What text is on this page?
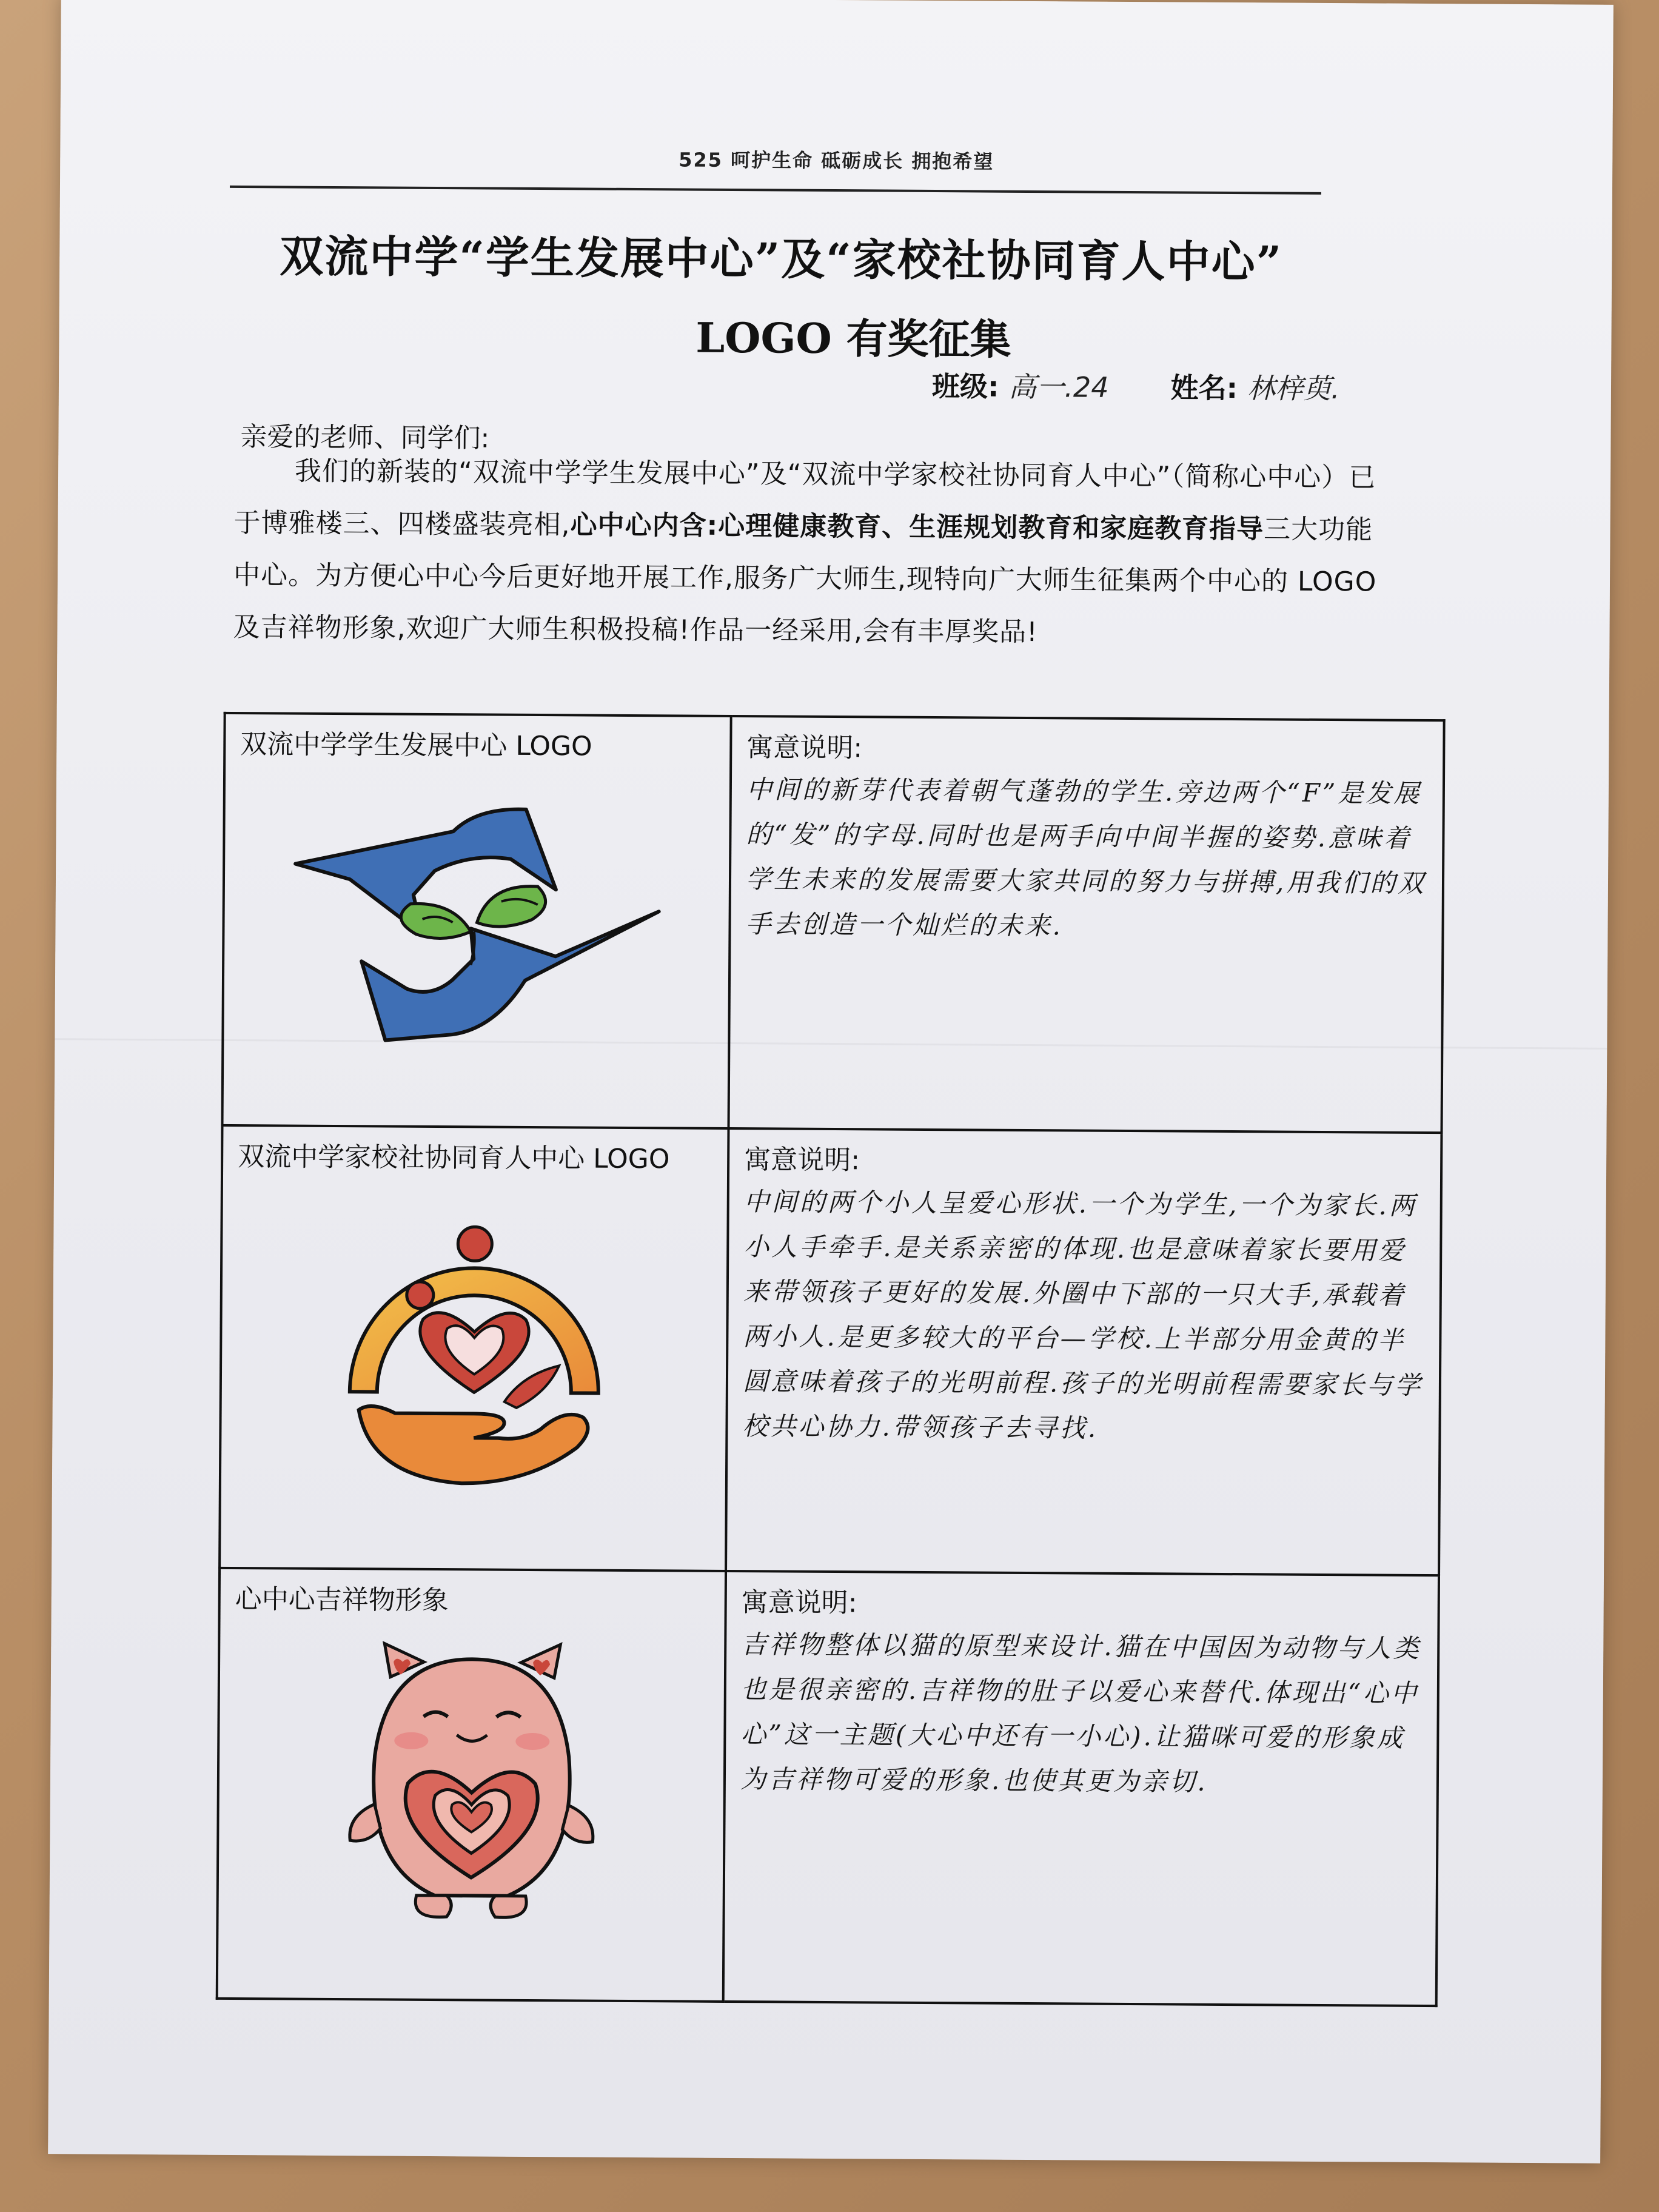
525 呵护生命 砥砺成长 拥抱希望
双流中学“学生发展中心”及“家校社协同育人中心”
LOGO 有奖征集
班级: 高一.24 姓名: 林梓萸.
亲爱的老师、同学们:
我们的新装的“双流中学学生发展中心”及“双流中学家校社协同育人中心”（简称心中心）已于博雅楼三、四楼盛装亮相,心中心内含:心理健康教育、生涯规划教育和家庭教育指导三大功能中心。为方便心中心今后更好地开展工作,服务广大师生,现特向广大师生征集两个中心的 LOGO 及吉祥物形象,欢迎广大师生积极投稿!作品一经采用,会有丰厚奖品!
双流中学学生发展中心 LOGO	寓意说明:
中间的新芽代表着朝气蓬勃的学生.旁边两个“F”是发展的“发”的字母.同时也是两手向中间半握的姿势.意味着学生未来的发展需要大家共同的努力与拼搏,用我们的双手去创造一个灿烂的未来.

双流中学家校社协同育人中心 LOGO	寓意说明:
中间的两个小人呈爱心形状.一个为学生,一个为家长.两小人手牵手.是关系亲密的体现.也是意味着家长要用爱来带领孩子更好的发展.外圈中下部的一只大手,承载着两小人.是更多较大的平台—学校.上半部分用金黄的半圆意味着孩子的光明前程.孩子的光明前程需要家长与学校共心协力.带领孩子去寻找.

心中心吉祥物形象	寓意说明:
吉祥物整体以猫的原型来设计.猫在中国因为动物与人类也是很亲密的.吉祥物的肚子以爱心来替代.体现出“心中心”这一主题(大心中还有一小心).让猫咪可爱的形象成为吉祥物可爱的形象.也使其更为亲切.
